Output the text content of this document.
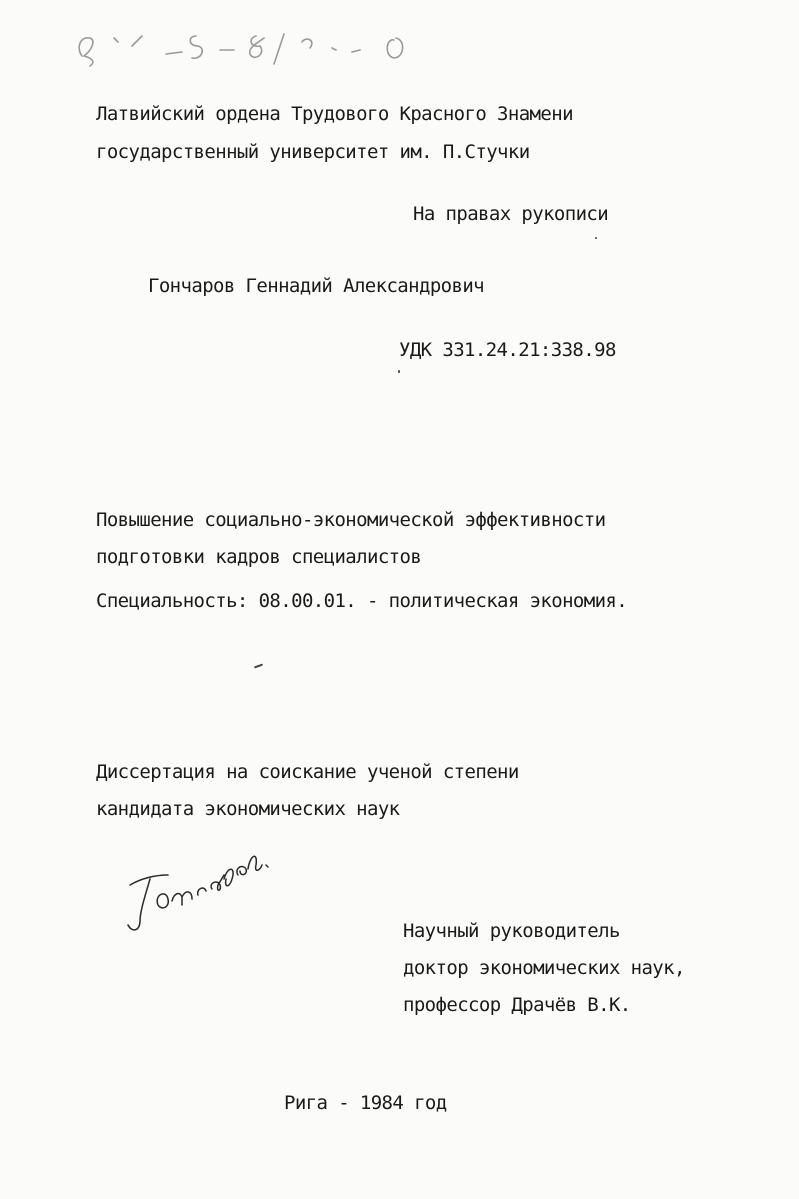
Латвийский ордена Трудового Красного Знамени
государственный университет им. П.Стучки
На правах рукописи
Гончаров Геннадий Александрович
УДК 331.24.21:338.98
Повышение социально-экономической эффективности
подготовки кадров специалистов
Специальность: 08.00.01. - политическая экономия.
Диссертация на соискание ученой степени
кандидата экономических наук
Научный руководитель
доктор экономических наук,
профессор Драчёв В.К.
Рига - 1984 год
